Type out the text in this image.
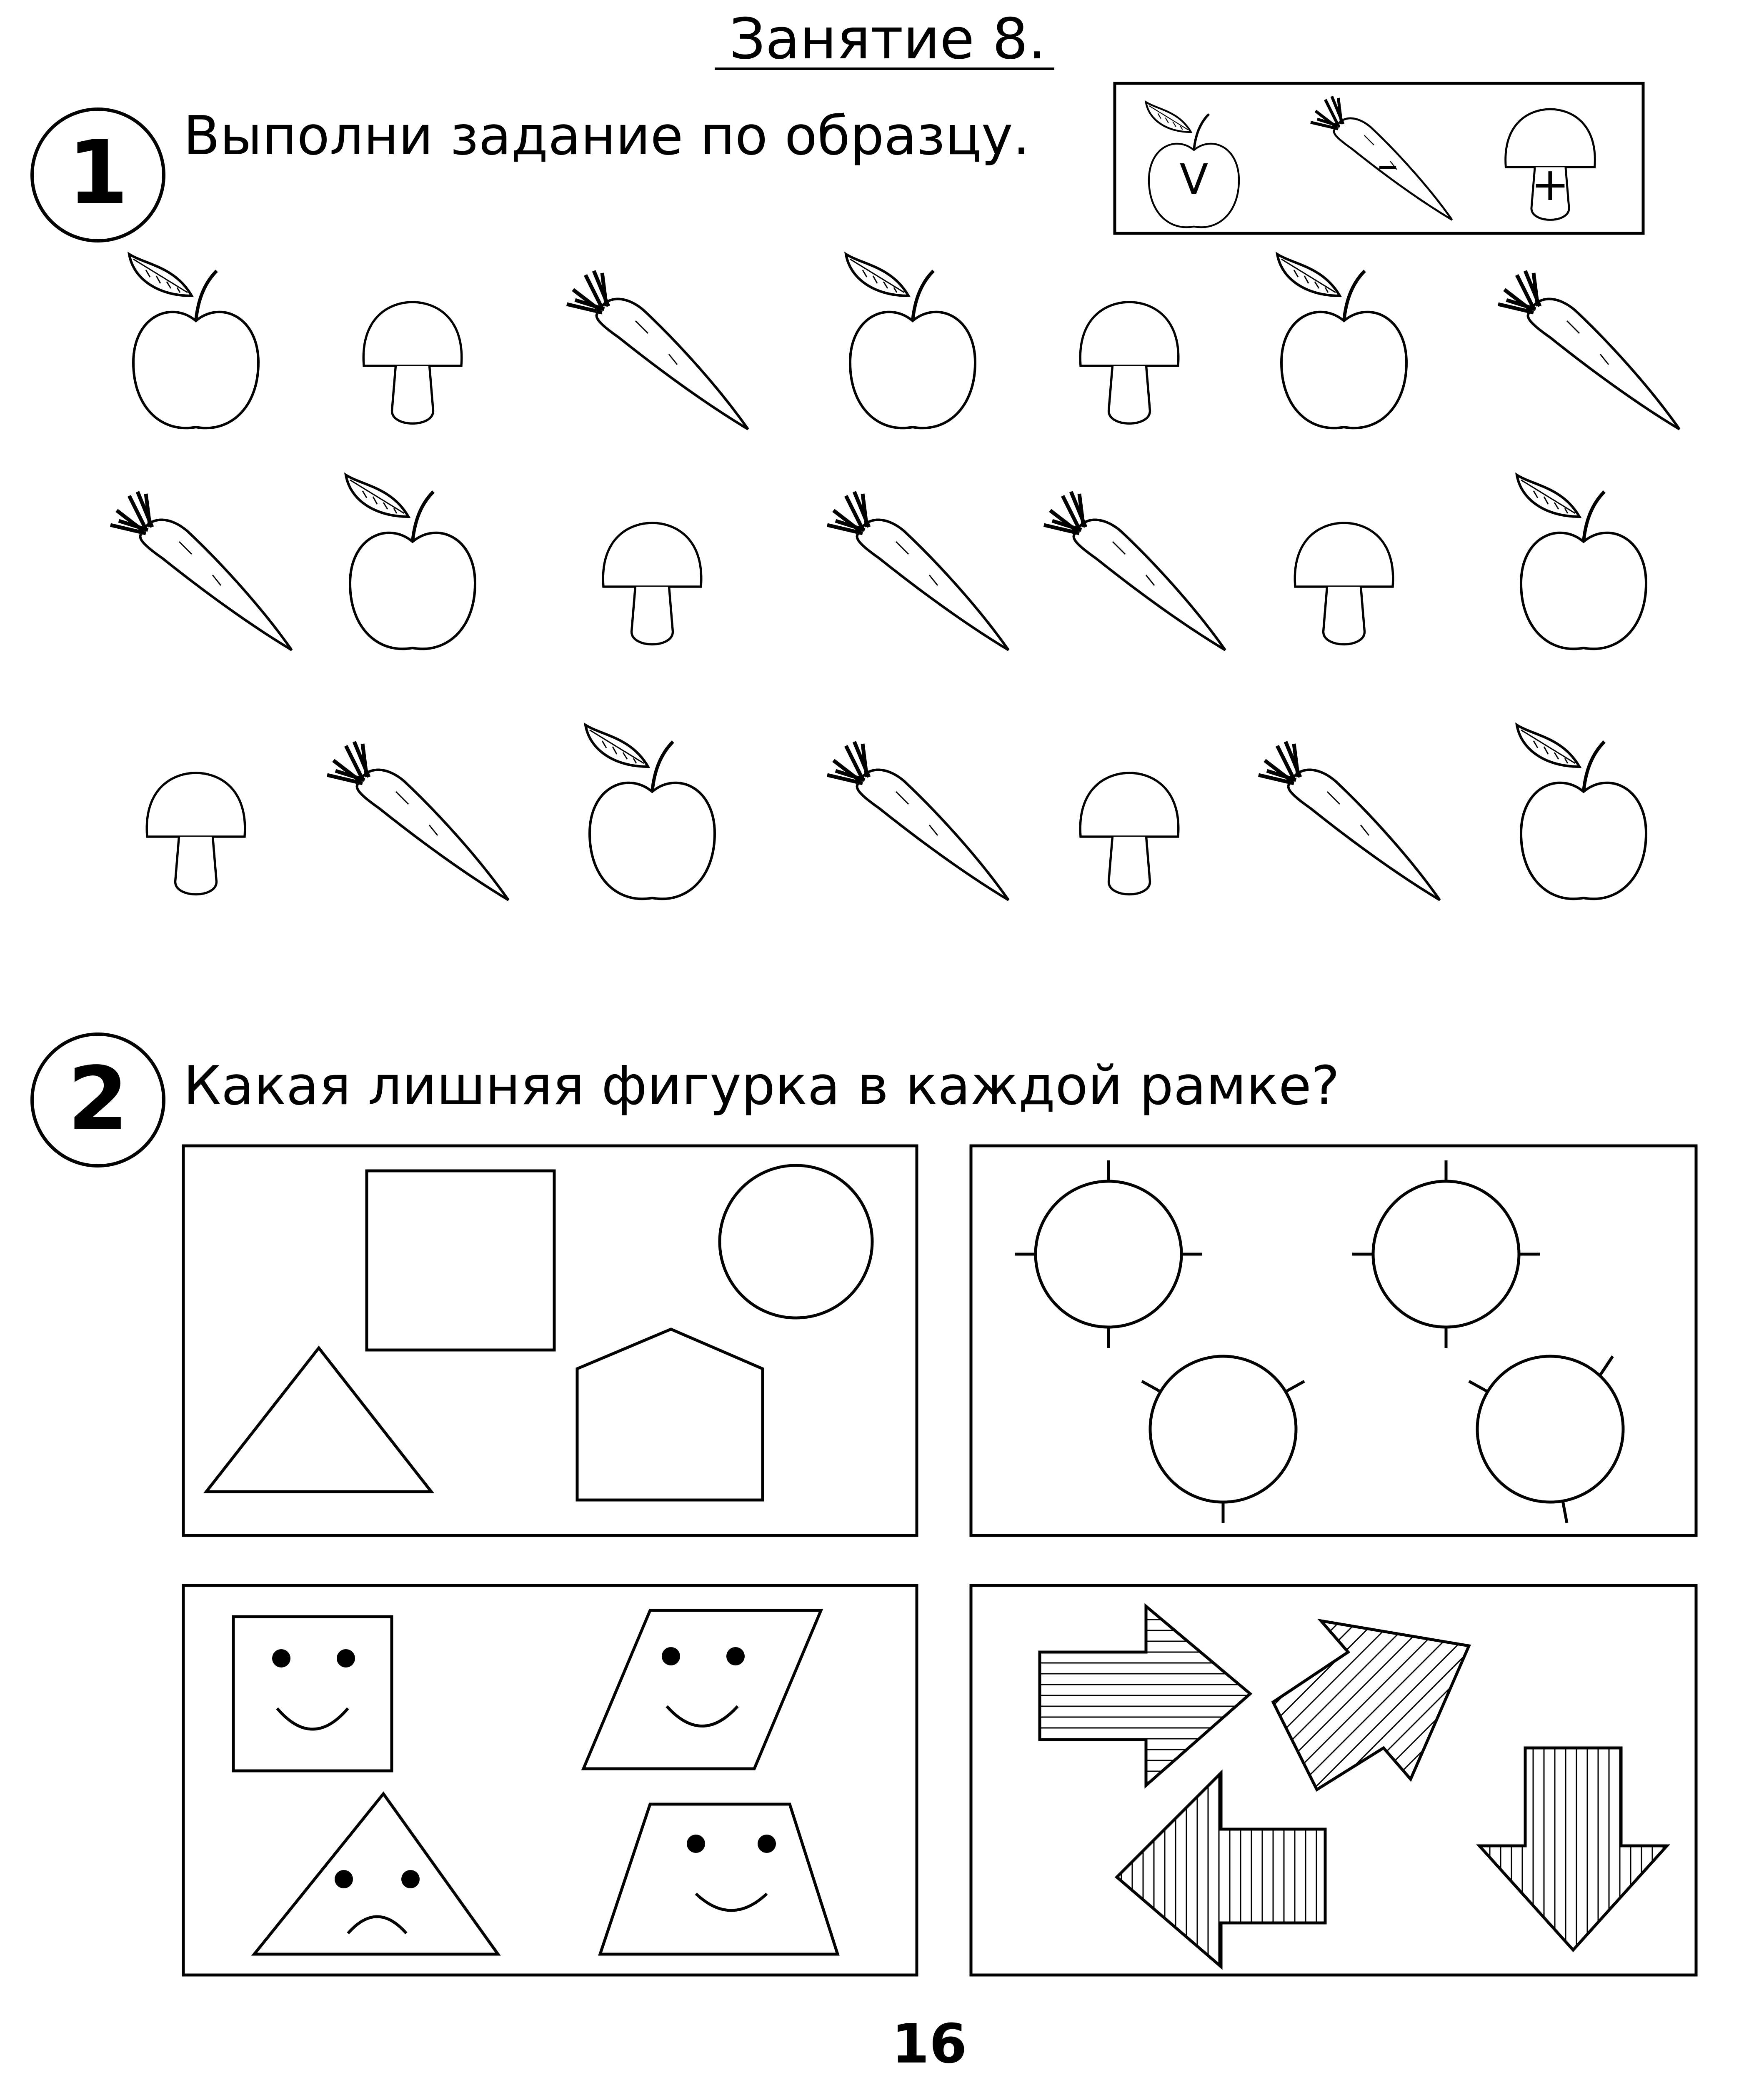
Занятие 8.
1 Выполни задание по образцу.
V	–	+
2 Какая лишняя фигурка в каждой рамке?
16
